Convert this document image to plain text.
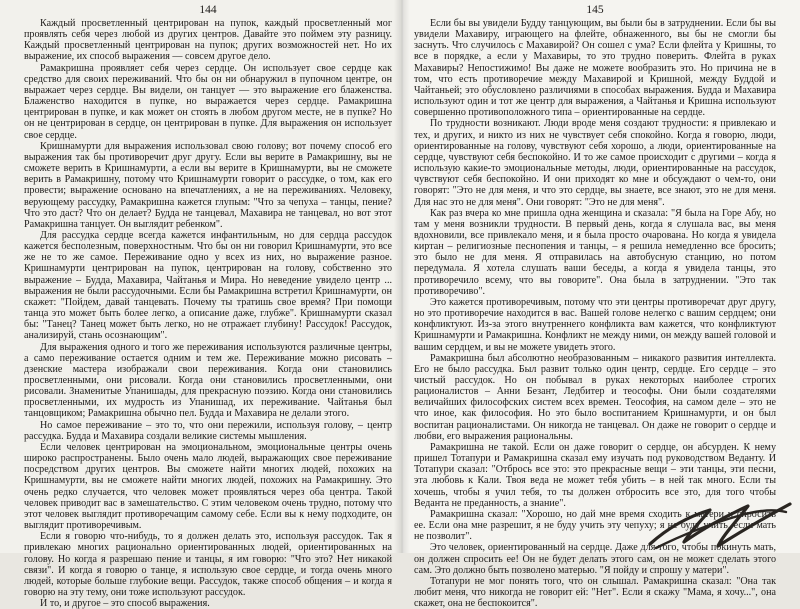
144

Каждый просветленный центрирован на пупок, каждый просветленный мог проявлять себя через любой из других центров. Давайте это поймем эту разницу. Каждый просветленный центрирован на пупок; других возможностей нет. Но их выражение, их способ выражения — совсем другое дело.

Рамакришна проявляет себя через сердце. Он использует свое сердце как средство для своих переживаний. Что бы он ни обнаружил в пупочном центре, он выражает через сердце. Вы видели, он танцует — это выражение его блаженства. Блаженство находится в пупке, но выражается через сердце. Рамакришна центрирован в пупке, и как может он стоять в любом другом месте, не в пупке? Но он не центрирован в сердце, он центрирован в пупке. Для выражения он использует свое сердце.

Кришнамурти для выражения использовал свою голову; вот почему способ его выражения так бы противоречит друг другу. Если вы верите в Рамакришну, вы не сможете верить в Кришнамурти, а если вы верите в Кришнамурти, вы не сможете верить в Рамакришну, потому что Кришнамурти говорит о рассудке, о том, как его провести; выражение основано на впечатлениях, а не на переживаниях. Человеку, верующему рассудку, Рамакришна кажется глупым: "Что за чепуха – танцы, пение? Что это даст? Что он делает? Будда не танцевал, Махавира не танцевал, но вот этот Рамакришна танцует. Он выглядит ребенком".

Для рассудка сердце всегда кажется инфантильным, но для сердца рассудок кажется бесполезным, поверхностным. Что бы он ни говорил Кришнамурти, это все же не то же самое. Переживание одно у всех из них, но выражение разное. Кришнамурти центрирован на пупок, центрирован на голову, собственно это выражение – Будда, Махавира, Чайтанья и Мира. Но неведение увидело центр ... выражения не были рассудочными. Если бы Рамакришна встретил Кришнамурти, он скажет: "Пойдем, давай танцевать. Почему ты тратишь свое время? При помощи танца это может быть более легко, а описание даже, глубже". Кришнамурти сказал бы: "Танец? Танец может быть легко, но не отражает глубину! Рассудок! Рассудок, анализируй, стань осознающим".

Для выражения одного и того же переживания используются различные центры, а само переживание остается одним и тем же. Переживание можно рисовать – дзенские мастера изображали свои переживания. Когда они становились просветленными, они рисовали. Когда они становились просветленными, они рисовали. Знаменитые Упанишады, для прекрасную поэзию. Когда они становились просветленными, их мудрость из Упанишад, их переживание. Чайтанья был танцовщиком; Рамакришна обычно пел. Будда и Махавира не делали этого.

Но самое переживание – это то, что они пережили, используя голову, – центр рассудка. Будда и Махавира создали великие системы мышления.

Если человек центрирован на эмоциональном, эмоциональные центры очень широко распространены. Было очень мало людей, выражающих свое переживание посредством других центров. Вы сможете найти многих людей, похожих на Кришнамурти, вы не сможете найти многих людей, похожих на Рамакришну. Это очень редко случается, что человек может проявляться через оба центра. Такой человек приводит вас в замешательство. С этим человеком очень трудно, потому что этот человек выглядит противоречащим самому себе. Если вы к нему подходите, он выглядит противоречивым.

Если я говорю что-нибудь, то я должен делать это, используя рассудок. Так я привлекаю многих рационально ориентированных людей, ориентированных на голову. Но когда я разрешаю пение и танцы, я им говорю: "Что это? Нет никакой связи". И когда я говорю о танце, я использую свое сердце, и тогда очень много людей, которые больше глубокие вещи. Рассудок, также способ общения – и когда я говорю на эту тему, они тоже используют рассудок.

И то, и другое – это способ выражения.

145

Если бы вы увидели Будду танцующим, вы были бы в затруднении. Если бы вы увидели Махавиру, играющего на флейте, обнаженного, вы бы не смогли бы заснуть. Что случилось с Махавирой? Он сошел с ума? Если флейта у Кришны, то все в порядке, а если у Махавиры, то это трудно поверить. Флейта в руках Махавиры? Непостижимо! Вы даже не можете вообразить это. Но причина не в том, что есть противоречие между Махавирой и Кришной, между Буддой и Чайтаньей; это обусловлено различиями в способах выражения. Будда и Махавира используют один и тот же центр для выражения, а Чайтанья и Кришна используют совершенно противоположного типа – ориентированные на сердце.

По трудности возникают. Люди вроде меня создают трудности: я привлекаю и тех, и других, и никто из них не чувствует себя спокойно. Когда я говорю, люди, ориентированные на голову, чувствуют себя хорошо, а люди, ориентированные на сердце, чувствуют себя беспокойно. И то же самое происходит с другими – когда я использую какие-то эмоциональные методы, люди, ориентированные на рассудок, чувствуют себя беспокойно. И они приходят ко мне и обсуждают о чем-то, они говорят: "Это не для меня, и что это сердце, вы знаете, все знают, это не для меня. Для нас это не для меня". Они говорят: "Это не для меня".

Как раз вчера ко мне пришла одна женщина и сказала: "Я была на Горе Абу, но там у меня возникли трудности. В первый день, когда я слушала вас, вы меня вдохновили, все привлекало меня, и я была просто очарована. Но когда я увидела киртан – религиозные песнопения и танцы, – я решила немедленно все бросить; это было не для меня. Я отправилась на автобусную станцию, но потом передумала. Я хотела слушать ваши беседы, а когда я увидела танцы, это противоречило всему, что вы говорите". Она была в затруднении. "Это так противоречиво".

Это кажется противоречивым, потому что эти центры противоречат друг другу, но это противоречие находится в вас. Вашей голове нелегко с вашим сердцем; они конфликтуют. Из-за этого внутреннего конфликта вам кажется, что конфликтуют Кришнамурти и Рамакришна. Конфликт не между ними, он между вашей головой и вашим сердцем, и вы не можете увидеть этого.

Рамакришна был абсолютно необразованным – никакого развития интеллекта. Его не было рассудка. Был развит только один центр, сердце. Его сердце – это чистый рассудок. Но он побывал в руках некоторых наиболее строгих рационалистов – Анни Безант, Ледбитер и теософы. Они были создателями величайших философских систем всех времен. Теософия, на самом деле – это не что иное, как философия. Но это было воспитанием Кришнамурти, и он был воспитан рационалистами. Он никогда не танцевал. Он даже не говорит о сердце и любви, его выражения рациональны.

Рамакришна не такой. Если он даже говорит о сердце, он абсурден. К нему пришел Тотапури и Рамакришна сказал ему изучать под руководством Веданту. И Тотапури сказал: "Отбрось все это: это прекрасные вещи – эти танцы, эти песни, эта любовь к Кали. Твоя веда не может тебя убить – в ней так много. Если ты хочешь, чтобы я учил тебя, то ты должен отбросить все это, для того чтобы Веданта не преданность, а знание".

Рамакришна сказал: "Хорошо, но дай мне время сходить к матери и спросить ее. Если она мне разрешит, я не буду учить эту чепуху; я не буду учить, если мать не позволит".

Это человек, ориентированный на сердце. Даже для того, чтобы покинуть мать, он должен спросить ее! Он не будет делать этого сам, он не может сделать этого сам. Это должно быть позволено матерью. "Я пойду и спрошу у матери".

Тотапури не мог понять того, что он слышал. Рамакришна сказал: "Она так любит меня, что никогда не говорит ей: "Нет". Если я скажу "Мама, я хочу...", она скажет, она не беспокоится".
